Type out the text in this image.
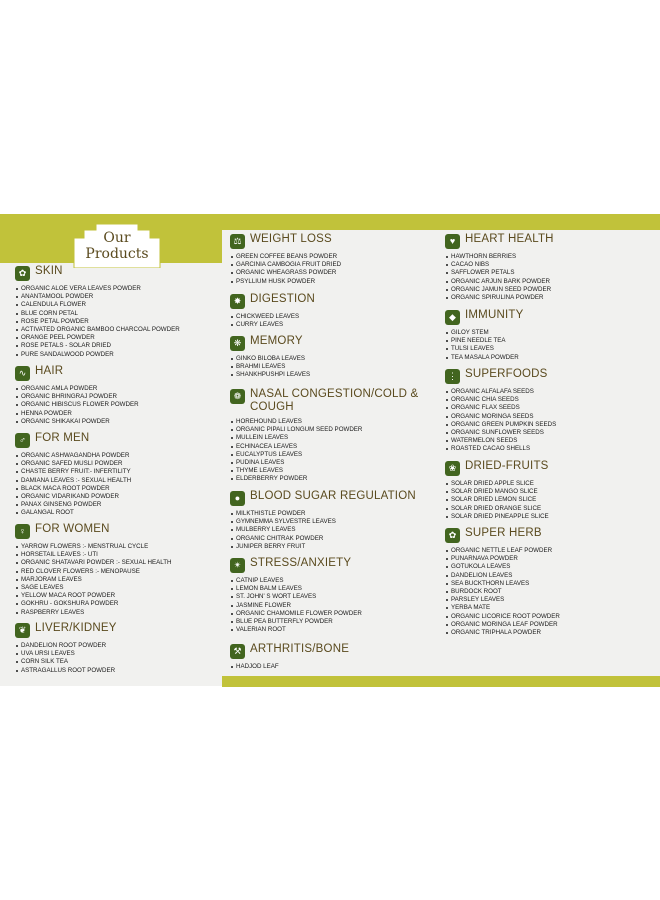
Our
Products
✿ SKIN
ORGANIC ALOE VERA LEAVES POWDER
ANANTAMOOL POWDER
CALENDULA FLOWER
BLUE CORN PETAL
ROSE PETAL POWDER
ACTIVATED ORGANIC BAMBOO CHARCOAL POWDER
ORANGE PEEL POWDER
ROSE PETALS - SOLAR DRIED
PURE SANDALWOOD POWDER
∿ HAIR
ORGANIC AMLA POWDER
ORGANIC BHRINGRAJ POWDER
ORGANIC HIBISCUS FLOWER POWDER
HENNA POWDER
ORGANIC SHIKAKAI POWDER
♂ FOR MEN
ORGANIC ASHWAGANDHA POWDER
ORGANIC SAFED MUSLI POWDER
CHASTE BERRY FRUIT:- INFERTILITY
DAMIANA LEAVES :- SEXUAL HEALTH
BLACK MACA ROOT POWDER
ORGANIC VIDARIKAND POWDER
PANAX GINSENG POWDER
GALANGAL ROOT
♀ FOR WOMEN
YARROW FLOWERS :- MENSTRUAL CYCLE
HORSETAIL LEAVES :- UTI
ORGANIC SHATAVARI POWDER :- SEXUAL HEALTH
RED CLOVER FLOWERS :- MENOPAUSE
MARJORAM LEAVES
SAGE LEAVES
YELLOW MACA ROOT POWDER
GOKHRU - GOKSHURA POWDER
RASPBERRY LEAVES
❦ LIVER/KIDNEY
DANDELION ROOT POWDER
UVA URSI LEAVES
CORN SILK TEA
ASTRAGALLUS ROOT POWDER
⚖ WEIGHT LOSS
GREEN COFFEE BEANS POWDER
GARCINIA CAMBOGIA FRUIT DRIED
ORGANIC WHEAGRASS POWDER
PSYLLIUM HUSK POWDER
✸ DIGESTION
CHICKWEED LEAVES
CURRY LEAVES
❋ MEMORY
GINKO BILOBA LEAVES
BRAHMI LEAVES
SHANKHPUSHPI LEAVES
❁ NASAL CONGESTION/COLD &
COUGH
HOREHOUND LEAVES
ORGANIC PIPALI LONGUM SEED POWDER
MULLEIN LEAVES
ECHINACEA LEAVES
EUCALYPTUS LEAVES
PUDINA LEAVES
THYME LEAVES
ELDERBERRY POWDER
● BLOOD SUGAR REGULATION
MILKTHISTLE POWDER
GYMNEMMA SYLVESTRE LEAVES
MULBERRY LEAVES
ORGANIC CHITRAK POWDER
JUNIPER BERRY FRUIT
✴ STRESS/ANXIETY
CATNIP LEAVES
LEMON BALM LEAVES
ST. JOHN' S WORT LEAVES
JASMINE FLOWER
ORGANIC CHAMOMILE FLOWER POWDER
BLUE PEA BUTTERFLY POWDER
VALERIAN ROOT
⚒ ARTHRITIS/BONE
HADJOD LEAF
♥ HEART HEALTH
HAWTHORN BERRIES
CACAO NIBS
SAFFLOWER PETALS
ORGANIC ARJUN BARK POWDER
ORGANIC JAMUN SEED POWDER
ORGANIC SPIRULINA POWDER
◆ IMMUNITY
GILOY STEM
PINE NEEDLE TEA
TULSI LEAVES
TEA MASALA POWDER
⋮ SUPERFOODS
ORGANIC ALFALAFA SEEDS
ORGANIC CHIA SEEDS
ORGANIC FLAX SEEDS
ORGANIC MORINGA SEEDS
ORGANIC GREEN PUMPKIN SEEDS
ORGANIC SUNFLOWER SEEDS
WATERMELON SEEDS
ROASTED CACAO SHELLS
❀ DRIED-FRUITS
SOLAR DRIED APPLE SLICE
SOLAR DRIED MANGO SLICE
SOLAR DRIED LEMON SLICE
SOLAR DRIED ORANGE SLICE
SOLAR DRIED PINEAPPLE SLICE
✿ SUPER HERB
ORGANIC NETTLE LEAF POWDER
PUNARNAVA POWDER
GOTUKOLA LEAVES
DANDELION LEAVES
SEA BUCKTHORN LEAVES
BURDOCK ROOT
PARSLEY LEAVES
YERBA MATE
ORGANIC LICORICE ROOT POWDER
ORGANIC MORINGA LEAF POWDER
ORGANIC TRIPHALA POWDER
